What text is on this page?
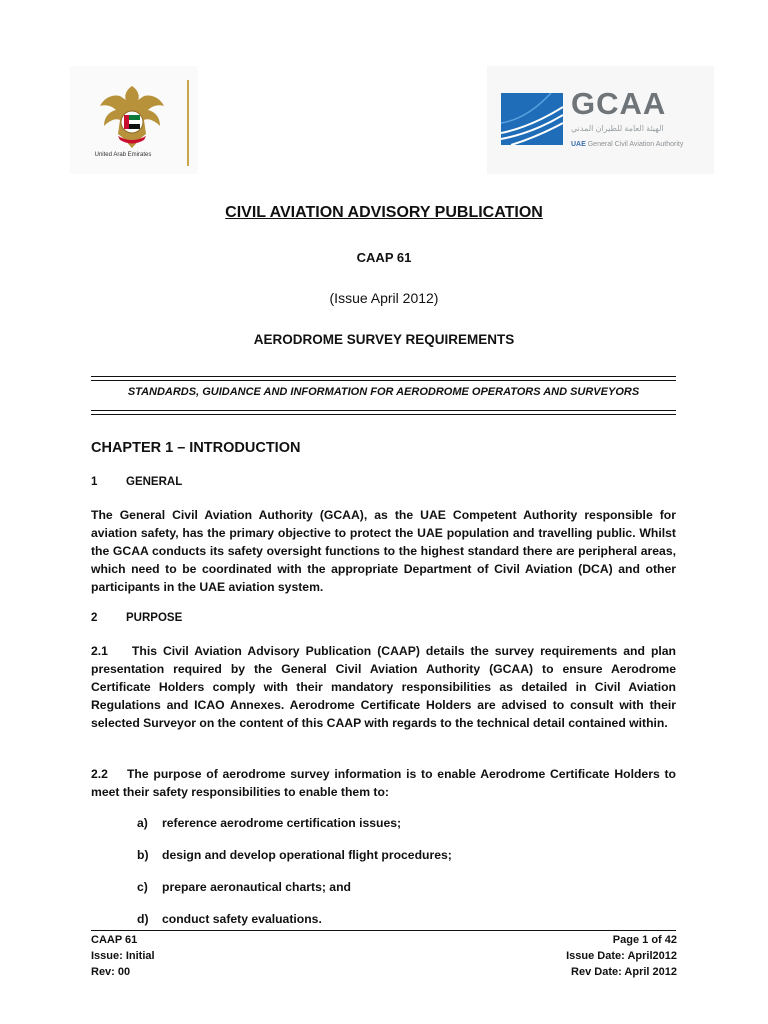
United Arab Emirates
GCAA
الهيئة العامة للطيران المدني
UAE General Civil Aviation Authority
CIVIL AVIATION ADVISORY PUBLICATION
CAAP 61
(Issue April 2012)
AERODROME SURVEY REQUIREMENTS
STANDARDS, GUIDANCE AND INFORMATION FOR AERODROME OPERATORS AND SURVEYORS
CHAPTER 1 – INTRODUCTION
1 GENERAL
The General Civil Aviation Authority (GCAA), as the UAE Competent Authority responsible for aviation safety, has the primary objective to protect the UAE population and travelling public. Whilst the GCAA conducts its safety oversight functions to the highest standard there are peripheral areas, which need to be coordinated with the appropriate Department of Civil Aviation (DCA) and other participants in the UAE aviation system.
2 PURPOSE
2.1    This Civil Aviation Advisory Publication (CAAP) details the survey requirements and plan presentation required by the General Civil Aviation Authority (GCAA) to ensure Aerodrome Certificate Holders comply with their mandatory responsibilities as detailed in Civil Aviation Regulations and ICAO Annexes. Aerodrome Certificate Holders are advised to consult with their selected Surveyor on the content of this CAAP with regards to the technical detail contained within.
2.2    The purpose of aerodrome survey information is to enable Aerodrome Certificate Holders to meet their safety responsibilities to enable them to:
a) reference aerodrome certification issues;
b) design and develop operational flight procedures;
c) prepare aeronautical charts; and
d) conduct safety evaluations.
CAAP 61
Issue: Initial
Rev: 00
Page 1 of 42
Issue Date: April2012
Rev Date: April 2012
